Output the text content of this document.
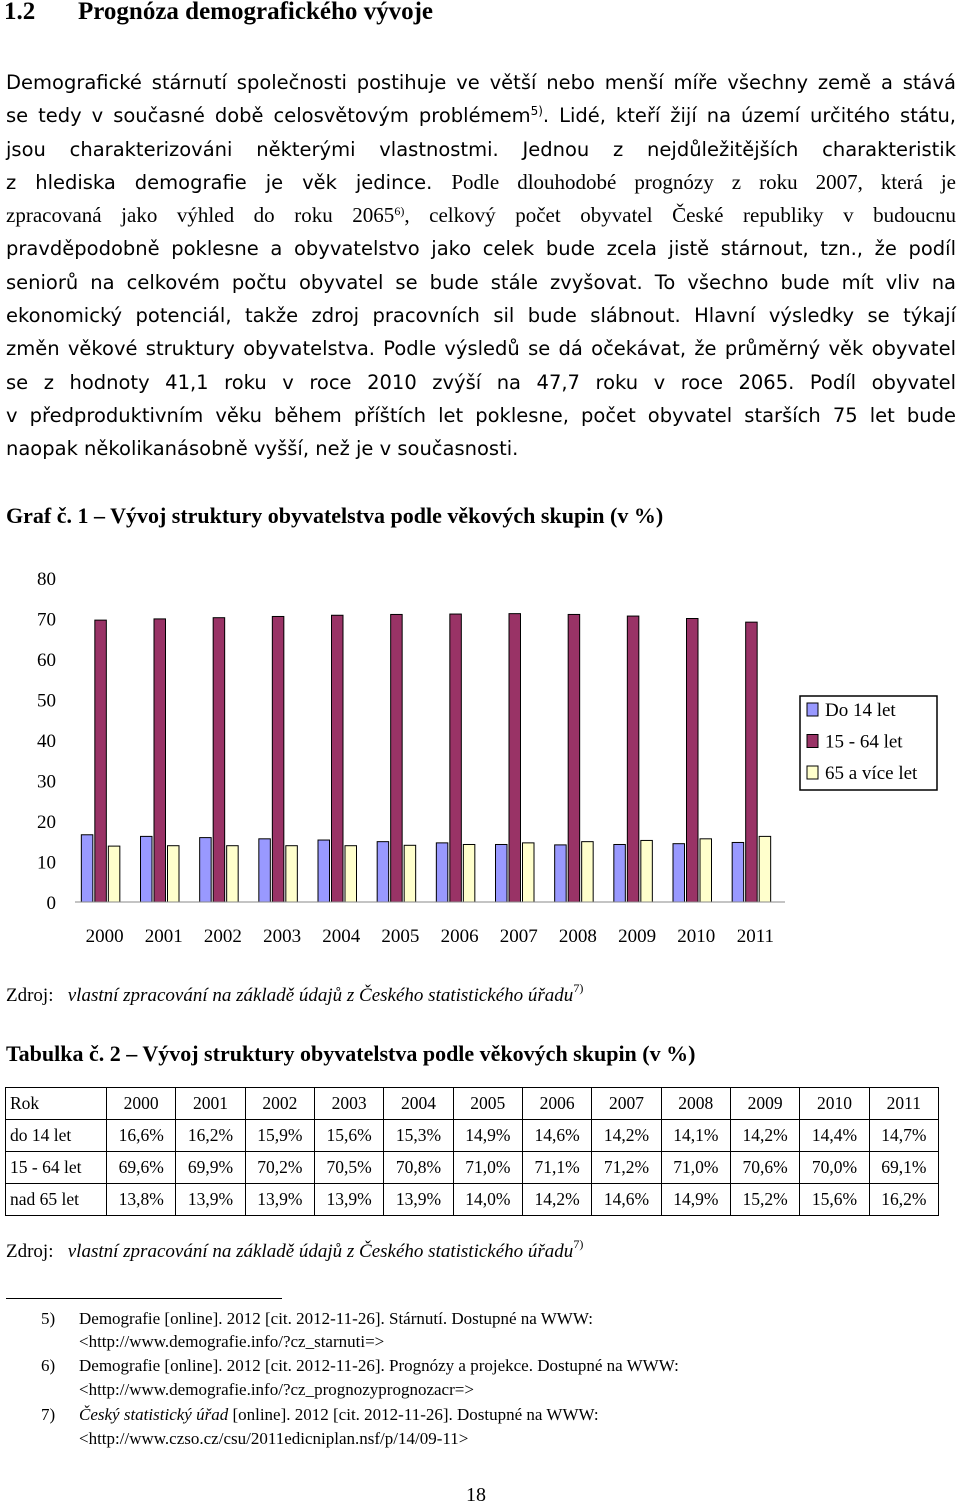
1.2 Prognóza demografického vývoje
Demografické stárnutí společnosti postihuje ve větší nebo menší míře všechny země a stává
se tedy v současné době celosvětovým problémem$^{5)}$. Lidé, kteří žijí na území určitého státu,
jsou charakterizováni některými vlastnostmi. Jednou z nejdůležitějších charakteristik
z hlediska demografie je věk jedince. Podle dlouhodobé prognózy z roku 2007, která je
zpracovaná jako výhled do roku 2065$^{6)}$, celkový počet obyvatel České republiky v budoucnu
pravděpodobně poklesne a obyvatelstvo jako celek bude zcela jistě stárnout, tzn., že podíl
seniorů na celkovém počtu obyvatel se bude stále zvyšovat. To všechno bude mít vliv na
ekonomický potenciál, takže zdroj pracovních sil bude slábnout. Hlavní výsledky se týkají
změn věkové struktury obyvatelstva. Podle výsledů se dá očekávat, že průměrný věk obyvatel
se z hodnoty 41,1 roku v roce 2010 zvýší na 47,7 roku v roce 2065. Podíl obyvatel
v předproduktivním věku během příštích let poklesne, počet obyvatel starších 75 let bude
naopak několikanásobně vyšší, než je v současnosti.
Graf č. 1 – Vývoj struktury obyvatelstva podle věkových skupin (v %)
0
10
20
30
40
50
60
70
80
2000 2001 2002 2003 2004 2005 2006 2007 2008 2009 2010 2011
Do 14 let
15 - 64 let
65 a více let
Zdroj: vlastní zpracování na základě údajů z Českého statistického úřadu$^{7)}$
Tabulka č. 2 – Vývoj struktury obyvatelstva podle věkových skupin (v %)
Rok	2000	2001	2002	2003	2004	2005	2006	2007	2008	2009	2010	2011
do 14 let	16,6%	16,2%	15,9%	15,6%	15,3%	14,9%	14,6%	14,2%	14,1%	14,2%	14,4%	14,7%
15 - 64 let	69,6%	69,9%	70,2%	70,5%	70,8%	71,0%	71,1%	71,2%	71,0%	70,6%	70,0%	69,1%
nad 65 let	13,8%	13,9%	13,9%	13,9%	13,9%	14,0%	14,2%	14,6%	14,9%	15,2%	15,6%	16,2%
Zdroj: vlastní zpracování na základě údajů z Českého statistického úřadu$^{7)}$
5) Demografie [online]. 2012 [cit. 2012-11-26]. Stárnutí. Dostupné na WWW:
<http://www.demografie.info/?cz_starnuti=>
6) Demografie [online]. 2012 [cit. 2012-11-26]. Prognózy a projekce. Dostupné na WWW:
<http://www.demografie.info/?cz_prognozyprognozacr=>
7) Český statistický úřad [online]. 2012 [cit. 2012-11-26]. Dostupné na WWW:
<http://www.czso.cz/csu/2011edicniplan.nsf/p/14/09-11>
18
